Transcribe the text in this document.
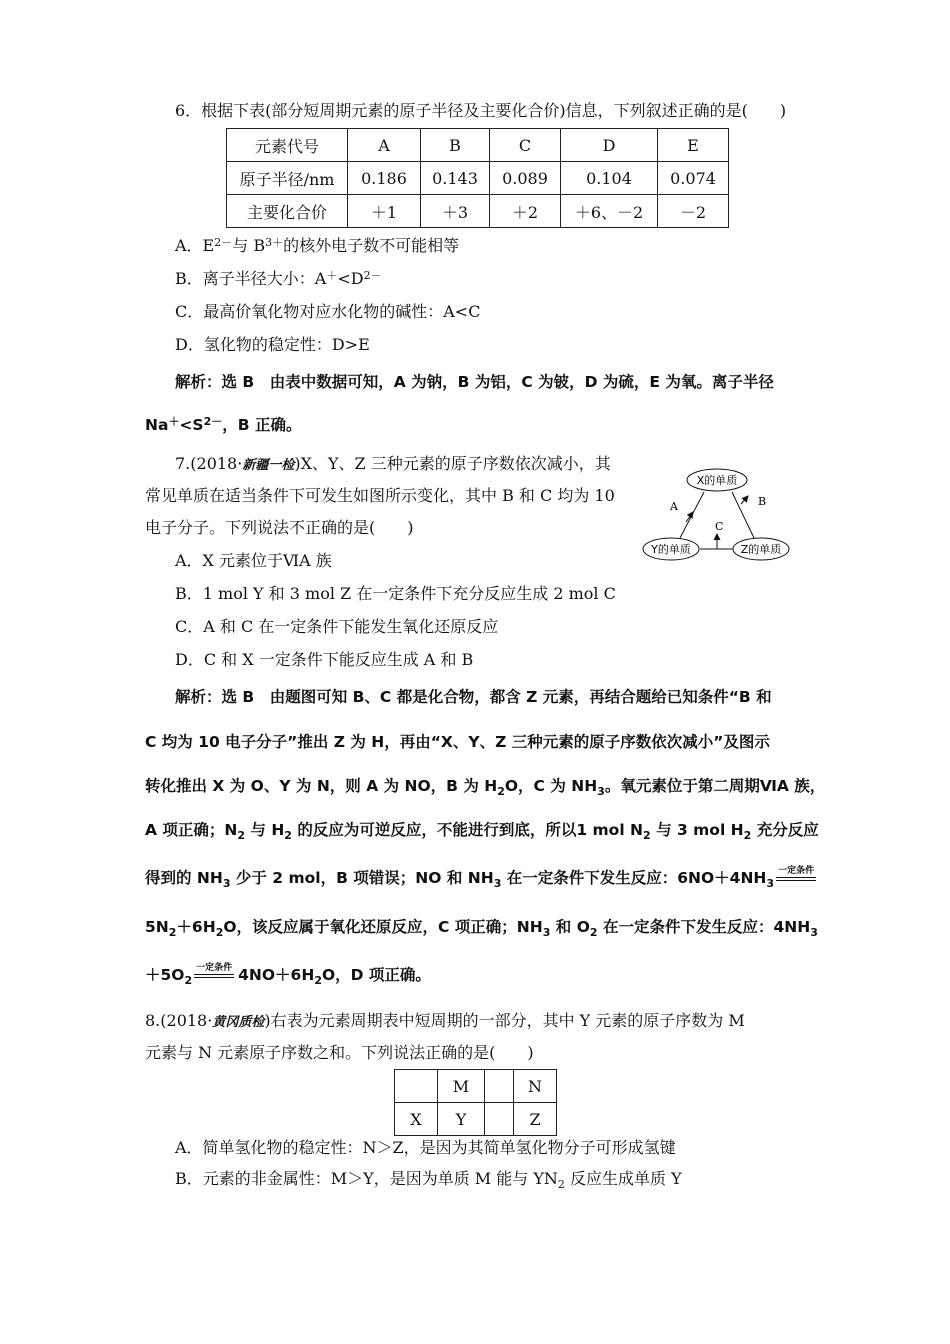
6．根据下表(部分短周期元素的原子半径及主要化合价)信息，下列叙述正确的是(　　)
元素代号	A	B	C	D	E
原子半径/nm	0.186	0.143	0.089	0.104	0.074
主要化合价	＋1	＋3	＋2	＋6、－2	－2
A．$E^{2-}$与 $B^{3+}$的核外电子数不可能相等
B．离子半径大小：$A^+<D^{2-}$
C．最高价氧化物对应水化物的碱性：A<C
D．氢化物的稳定性：D>E
解析：选 B　由表中数据可知，A 为钠，B 为铝，C 为铍，D 为硫，E 为氧。离子半径
$Na^+<S^{2-}$，B 正确。
7.(2018·新疆一检)X、Y、Z 三种元素的原子序数依次减小，其
常见单质在适当条件下可发生如图所示变化，其中 B 和 C 均为 10
电子分子。下列说法不正确的是(　　)
A．X 元素位于ⅥA 族
B．1 mol Y 和 3 mol Z 在一定条件下充分反应生成 2 mol C
C．A 和 C 在一定条件下能发生氧化还原反应
D．C 和 X 一定条件下能反应生成 A 和 B
X的单质
Y的单质	Z的单质
A	B
C
解析：选 B　由题图可知 B、C 都是化合物，都含 Z 元素，再结合题给已知条件“B 和
C 均为 10 电子分子”推出 Z 为 H，再由“X、Y、Z 三种元素的原子序数依次减小”及图示
转化推出 X 为 O、Y 为 N，则 A 为 NO，B 为 $H_2O$，C 为 $NH_3$。氧元素位于第二周期ⅥA 族，
A 项正确；$N_2$ 与 $H_2$ 的反应为可逆反应，不能进行到底，所以1 mol $N_2$ 与 3 mol $H_2$ 充分反应
得到的 $NH_3$ 少于 2 mol，B 项错误；NO 和 $NH_3$ 在一定条件下发生反应：$6NO+4NH_3$
一定条件
$5N_2+6H_2O$，该反应属于氧化还原反应，C 项正确；$NH_3$ 和 $O_2$ 在一定条件下发生反应：$4NH_3$
$+5O_2$
一定条件 $4NO+6H_2O$，D 项正确。
8.(2018·黄冈质检)右表为元素周期表中短周期的一部分，其中 Y 元素的原子序数为 M
元素与 N 元素原子序数之和。下列说法正确的是(　　)
	M		N
X	Y		Z
A．简单氢化物的稳定性：N＞Z，是因为其简单氢化物分子可形成氢键
B．元素的非金属性：M＞Y，是因为单质 M 能与 $YN_2$ 反应生成单质 Y
